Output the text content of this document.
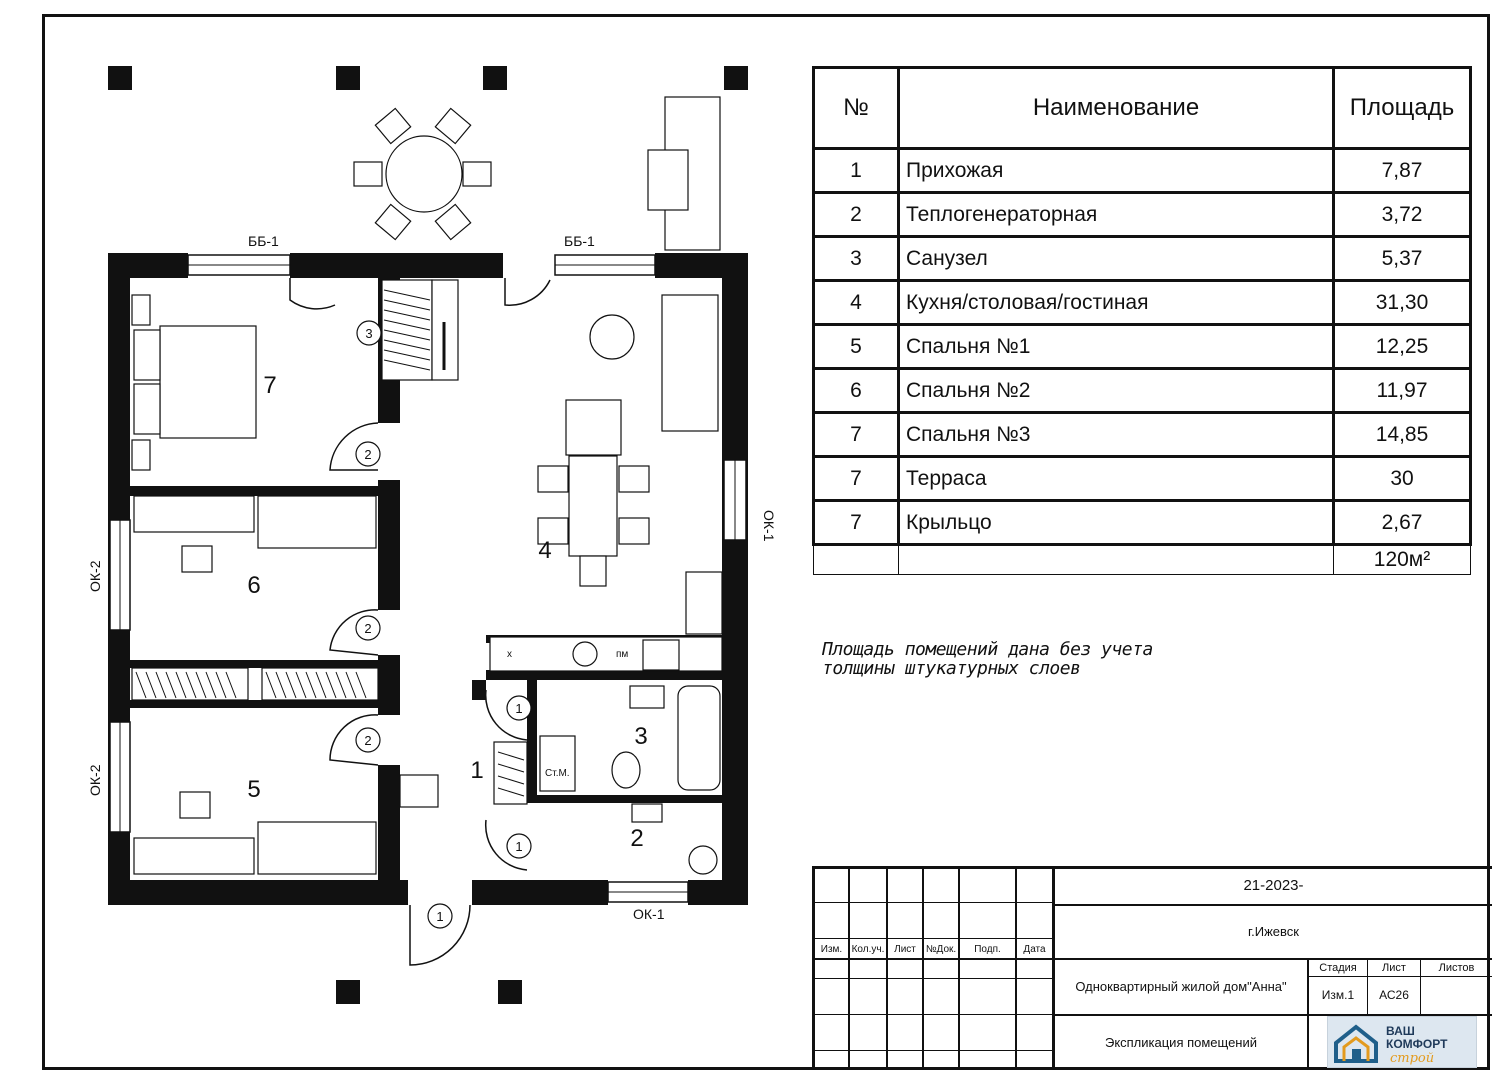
3
2
2
2
1
1
1
7
6
5
4
1
3
2
ББ-1	ББ-1
ОК-1
ОК-1
ОК-2
ОК-2
х	пм
Ст.М.
№	Наименование	Площадь
1	Прихожая	7,87
2	Теплогенераторная	3,72
3	Санузел	5,37
4	Кухня/столовая/гостиная	31,30
5	Спальня №1	12,25
6	Спальня №2	11,97
7	Спальня №3	14,85
7	Терраса	30
7	Крыльцо	2,67
		120м²
Площадь помещений дана без учета
толщины штукатурных слоев
Изм. Кол.уч. Лист №Док.	Подп.	Дата
21-2023-
г.Ижевск
Одноквартирный жилой дом"Анна"
Экспликация помещений
Стадия	Лист	Листов
Изм.1	АС26
ВАШ
КОМФОРТ
строй
